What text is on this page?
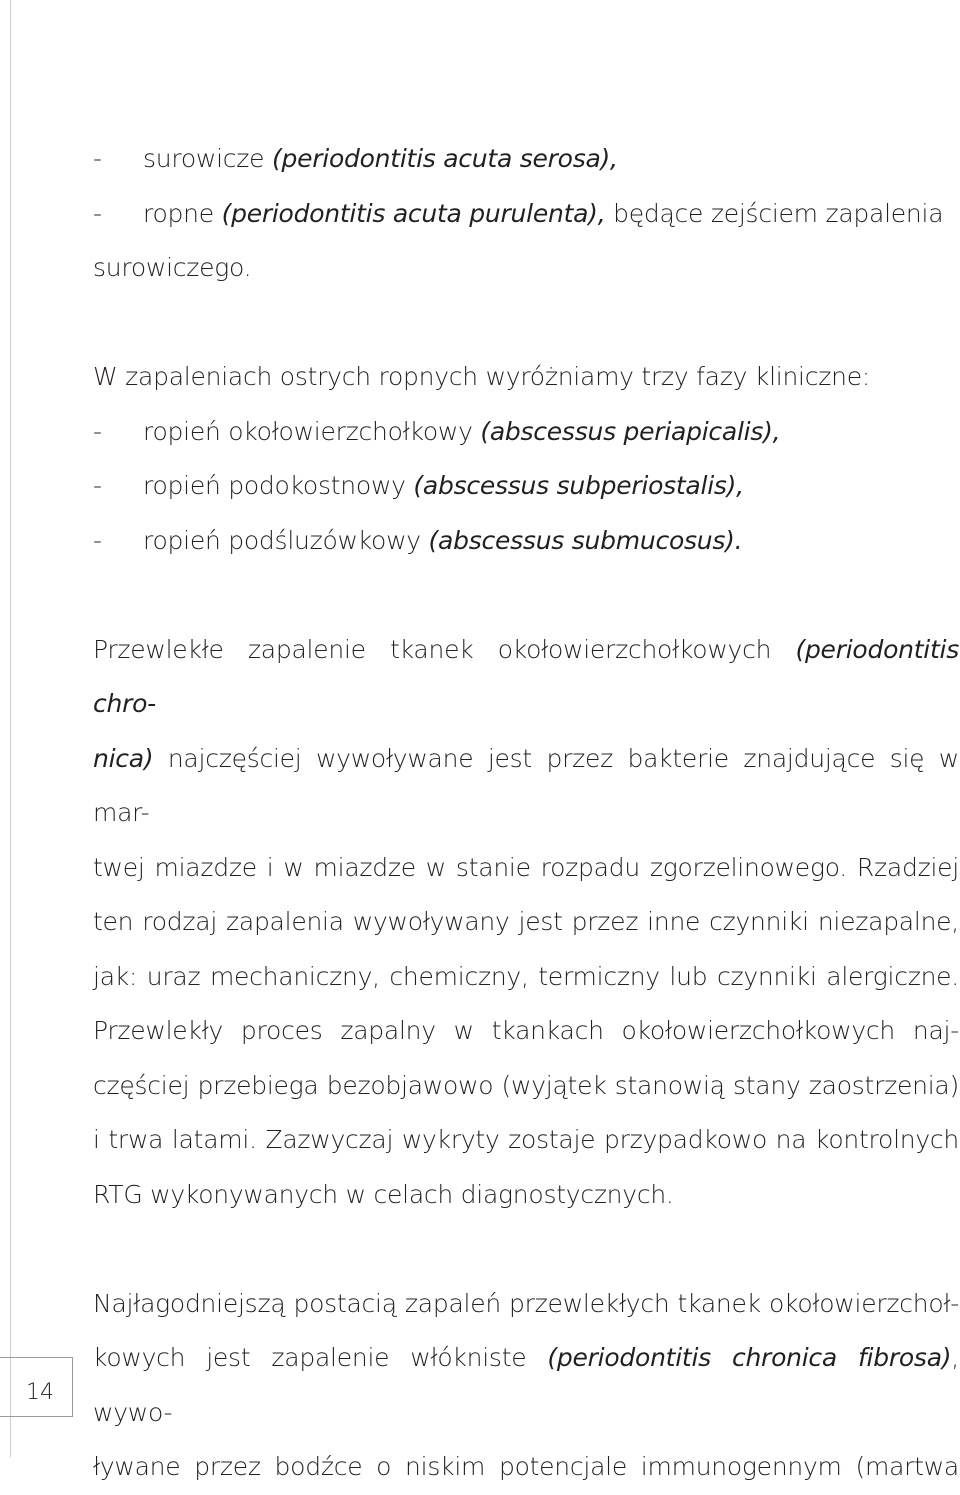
- surowicze (periodontitis acuta serosa),
- ropne (periodontitis acuta purulenta), będące zejściem zapalenia
surowiczego.
W zapaleniach ostrych ropnych wyróżniamy trzy fazy kliniczne:
- ropień okołowierzchołkowy (abscessus periapicalis),
- ropień podokostnowy (abscessus subperiostalis),
- ropień podśluzówkowy (abscessus submucosus).
Przewlekłe zapalenie tkanek okołowierzchołkowych (periodontitis chro-
nica) najczęściej wywoływane jest przez bakterie znajdujące się w mar-
twej miazdze i w miazdze w stanie rozpadu zgorzelinowego. Rzadziej
ten rodzaj zapalenia wywoływany jest przez inne czynniki niezapalne,
jak: uraz mechaniczny, chemiczny, termiczny lub czynniki alergiczne.
Przewlekły proces zapalny w tkankach okołowierzchołkowych naj-
częściej przebiega bezobjawowo (wyjątek stanowią stany zaostrzenia)
i trwa latami. Zazwyczaj wykryty zostaje przypadkowo na kontrolnych
RTG wykonywanych w celach diagnostycznych.
Najłagodniejszą postacią zapaleń przewlekłych tkanek okołowierzchoł-
kowych jest zapalenie włókniste (periodontitis chronica fibrosa), wywo-
ływane przez bodźce o niskim potencjale immunogennym (martwa
14
